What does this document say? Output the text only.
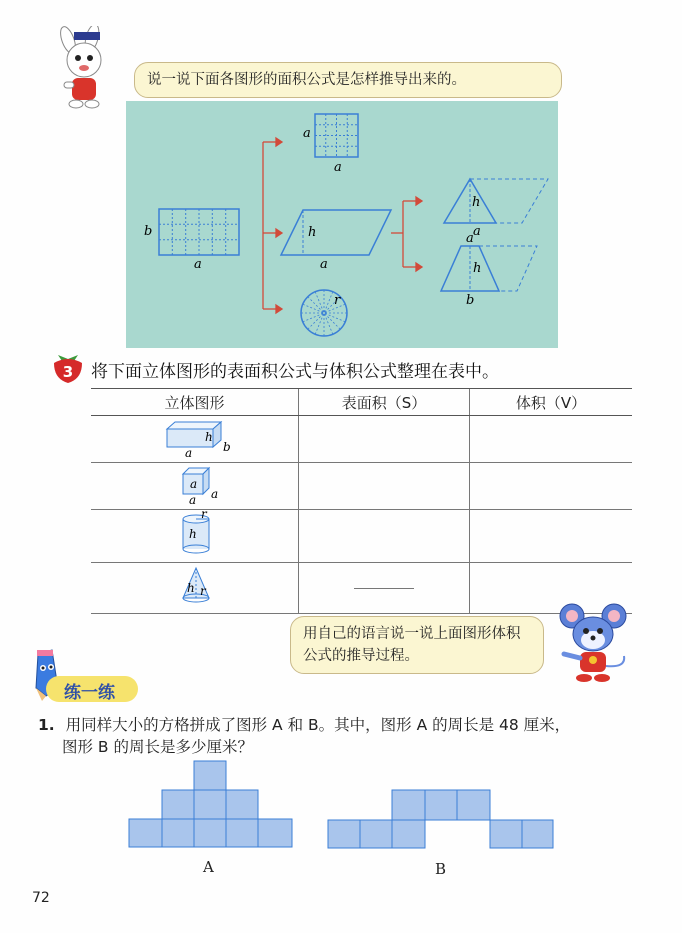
说一说下面各图形的面积公式是怎样推导出来的。
a
a
b
a
h
a
r
h
a
a
h
b
3 将下面立体图形的表面积公式与体积公式整理在表中。
立体图形	表面积（S）	体积（V）

h
b
a		

a
a
a		

r
h		

h r		

用自己的语言说一说上面图形体积公式的推导过程。
练一练
1. 用同样大小的方格拼成了图形 A 和 B。其中，图形 A 的周长是 48 厘米，
图形 B 的周长是多少厘米？
A	B
72
